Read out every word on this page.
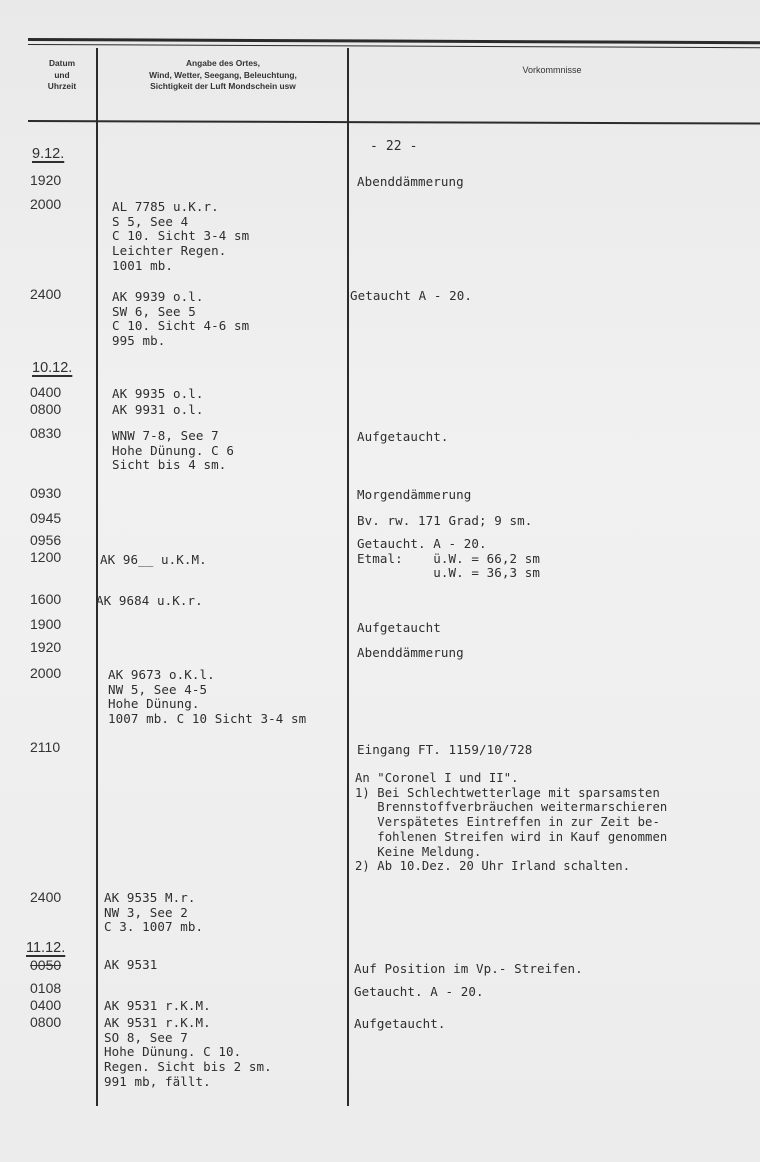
Datum
und
Uhrzeit
Angabe des Ortes,
Wind, Wetter, Seegang, Beleuchtung,
Sichtigkeit der Luft Mondschein usw
Vorkommnisse
- 22 -
9.12.
10.12.
11.12.
1920
2000
2400
0400
0800
0830
0930
0945
0956
1200
1600
1900
1920
2000
2110
2400
0050
0108
0400
0800
AL 7785 u.K.r.
S 5, See 4
C 10. Sicht 3-4 sm
Leichter Regen.
1001 mb.
AK 9939 o.l.
SW 6, See 5
C 10. Sicht 4-6 sm
995 mb.
AK 9935 o.l.
AK 9931 o.l.
WNW 7-8, See 7
Hohe Dünung. C 6
Sicht bis 4 sm.
AK 96__ u.K.M.
AK 9684 u.K.r.
AK 9673 o.K.l.
NW 5, See 4-5
Hohe Dünung.
1007 mb. C 10 Sicht 3-4 sm
AK 9535 M.r.
NW 3, See 2
C 3. 1007 mb.
AK 9531
AK 9531 r.K.M.
AK 9531 r.K.M.
SO 8, See 7
Hohe Dünung. C 10.
Regen. Sicht bis 2 sm.
991 mb, fällt.
Abenddämmerung
Getaucht A - 20.
Aufgetaucht.
Morgendämmerung
Bv. rw. 171 Grad; 9 sm.
Getaucht. A - 20.
Etmal:    ü.W. = 66,2 sm
u.W. = 36,3 sm
Aufgetaucht
Abenddämmerung
Eingang FT. 1159/10/728
An "Coronel I und II".
1) Bei Schlechtwetterlage mit sparsamsten
Brennstoffverbräuchen weitermarschieren
Verspätetes Eintreffen in zur Zeit be-
fohlenen Streifen wird in Kauf genommen
Keine Meldung.
2) Ab 10.Dez. 20 Uhr Irland schalten.
Auf Position im Vp.- Streifen.
Getaucht. A - 20.
Aufgetaucht.
